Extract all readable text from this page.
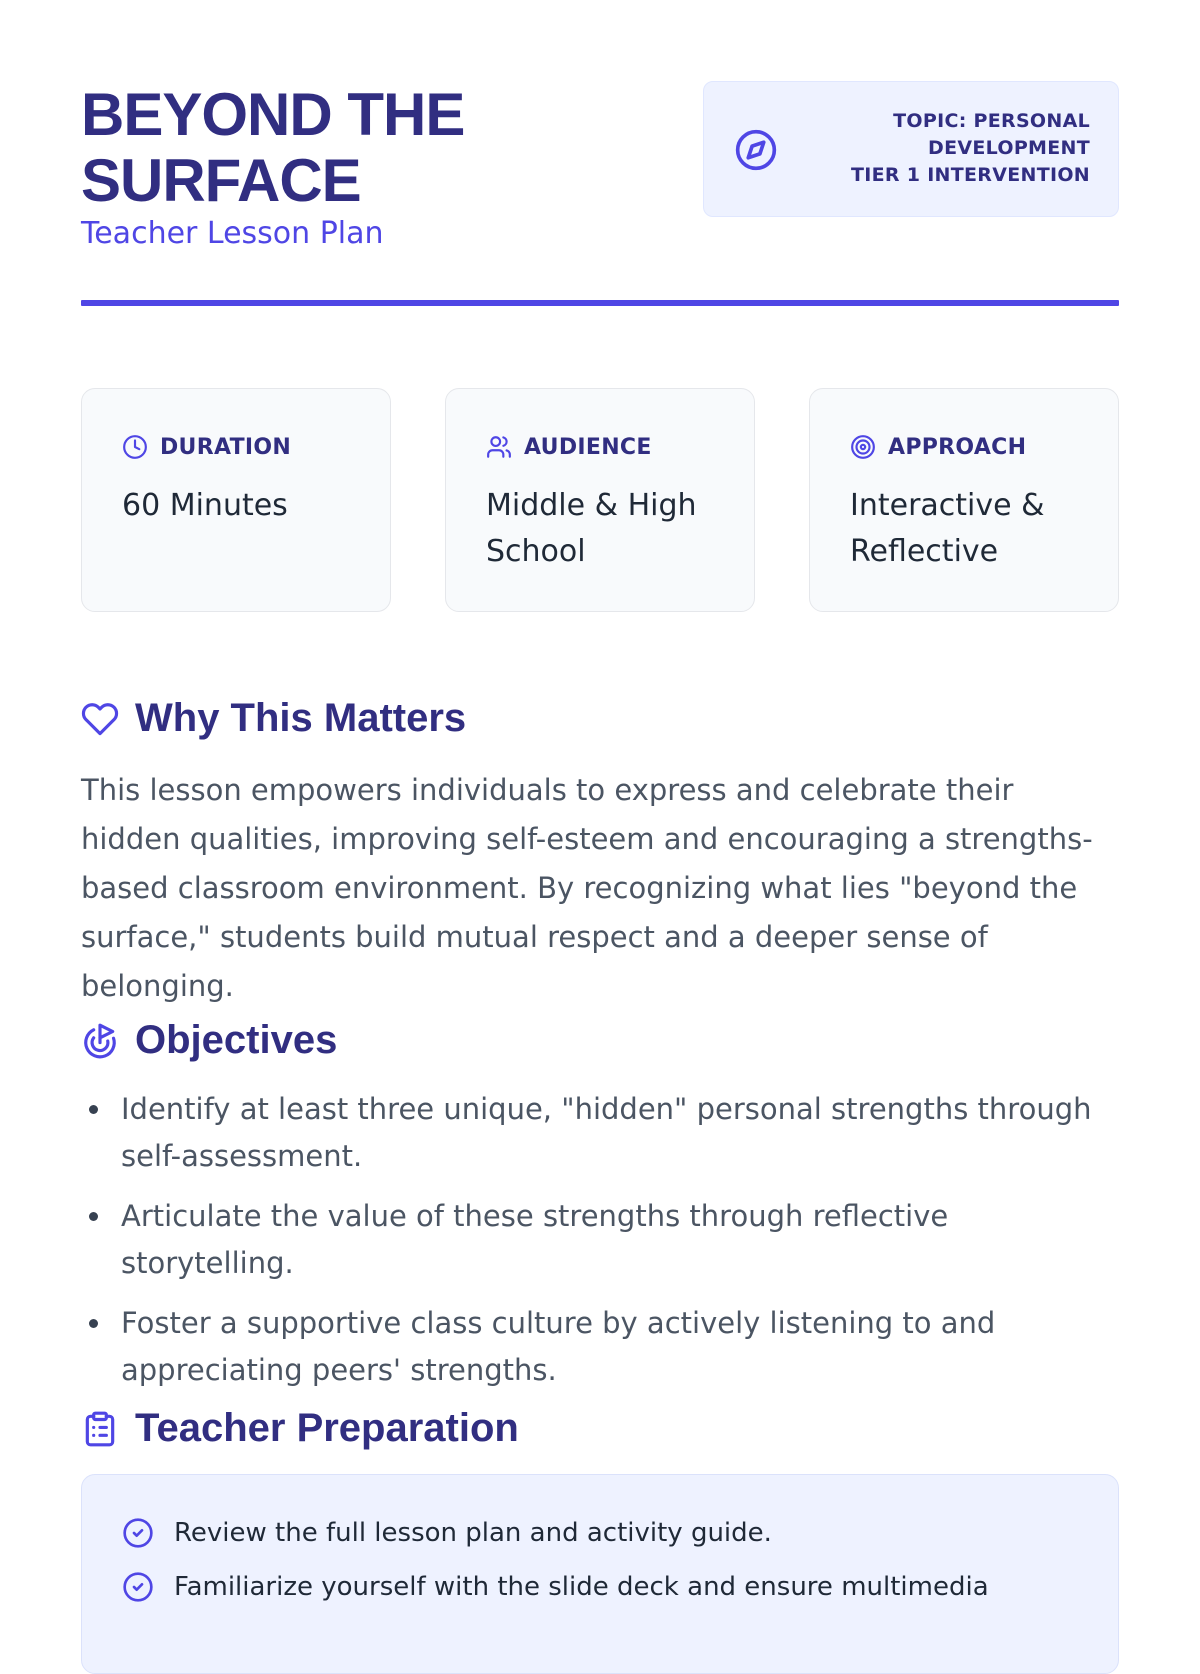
BEYOND THE
SURFACE
Teacher Lesson Plan
TOPIC: PERSONAL
DEVELOPMENT
TIER 1 INTERVENTION
DURATION
60 Minutes
AUDIENCE
Middle & High School
APPROACH
Interactive & Reflective
Why This Matters

This lesson empowers individuals to express and celebrate their hidden qualities, improving self-esteem and encouraging a strengths-based classroom environment. By recognizing what lies "beyond the surface," students build mutual respect and a deeper sense of belonging.

Objectives
Identify at least three unique, "hidden" personal strengths through self-assessment.
Articulate the value of these strengths through reflective storytelling.
Foster a supportive class culture by actively listening to and appreciating peers' strengths.
Teacher Preparation
Review the full lesson plan and activity guide.
Familiarize yourself with the slide deck and ensure multimedia
